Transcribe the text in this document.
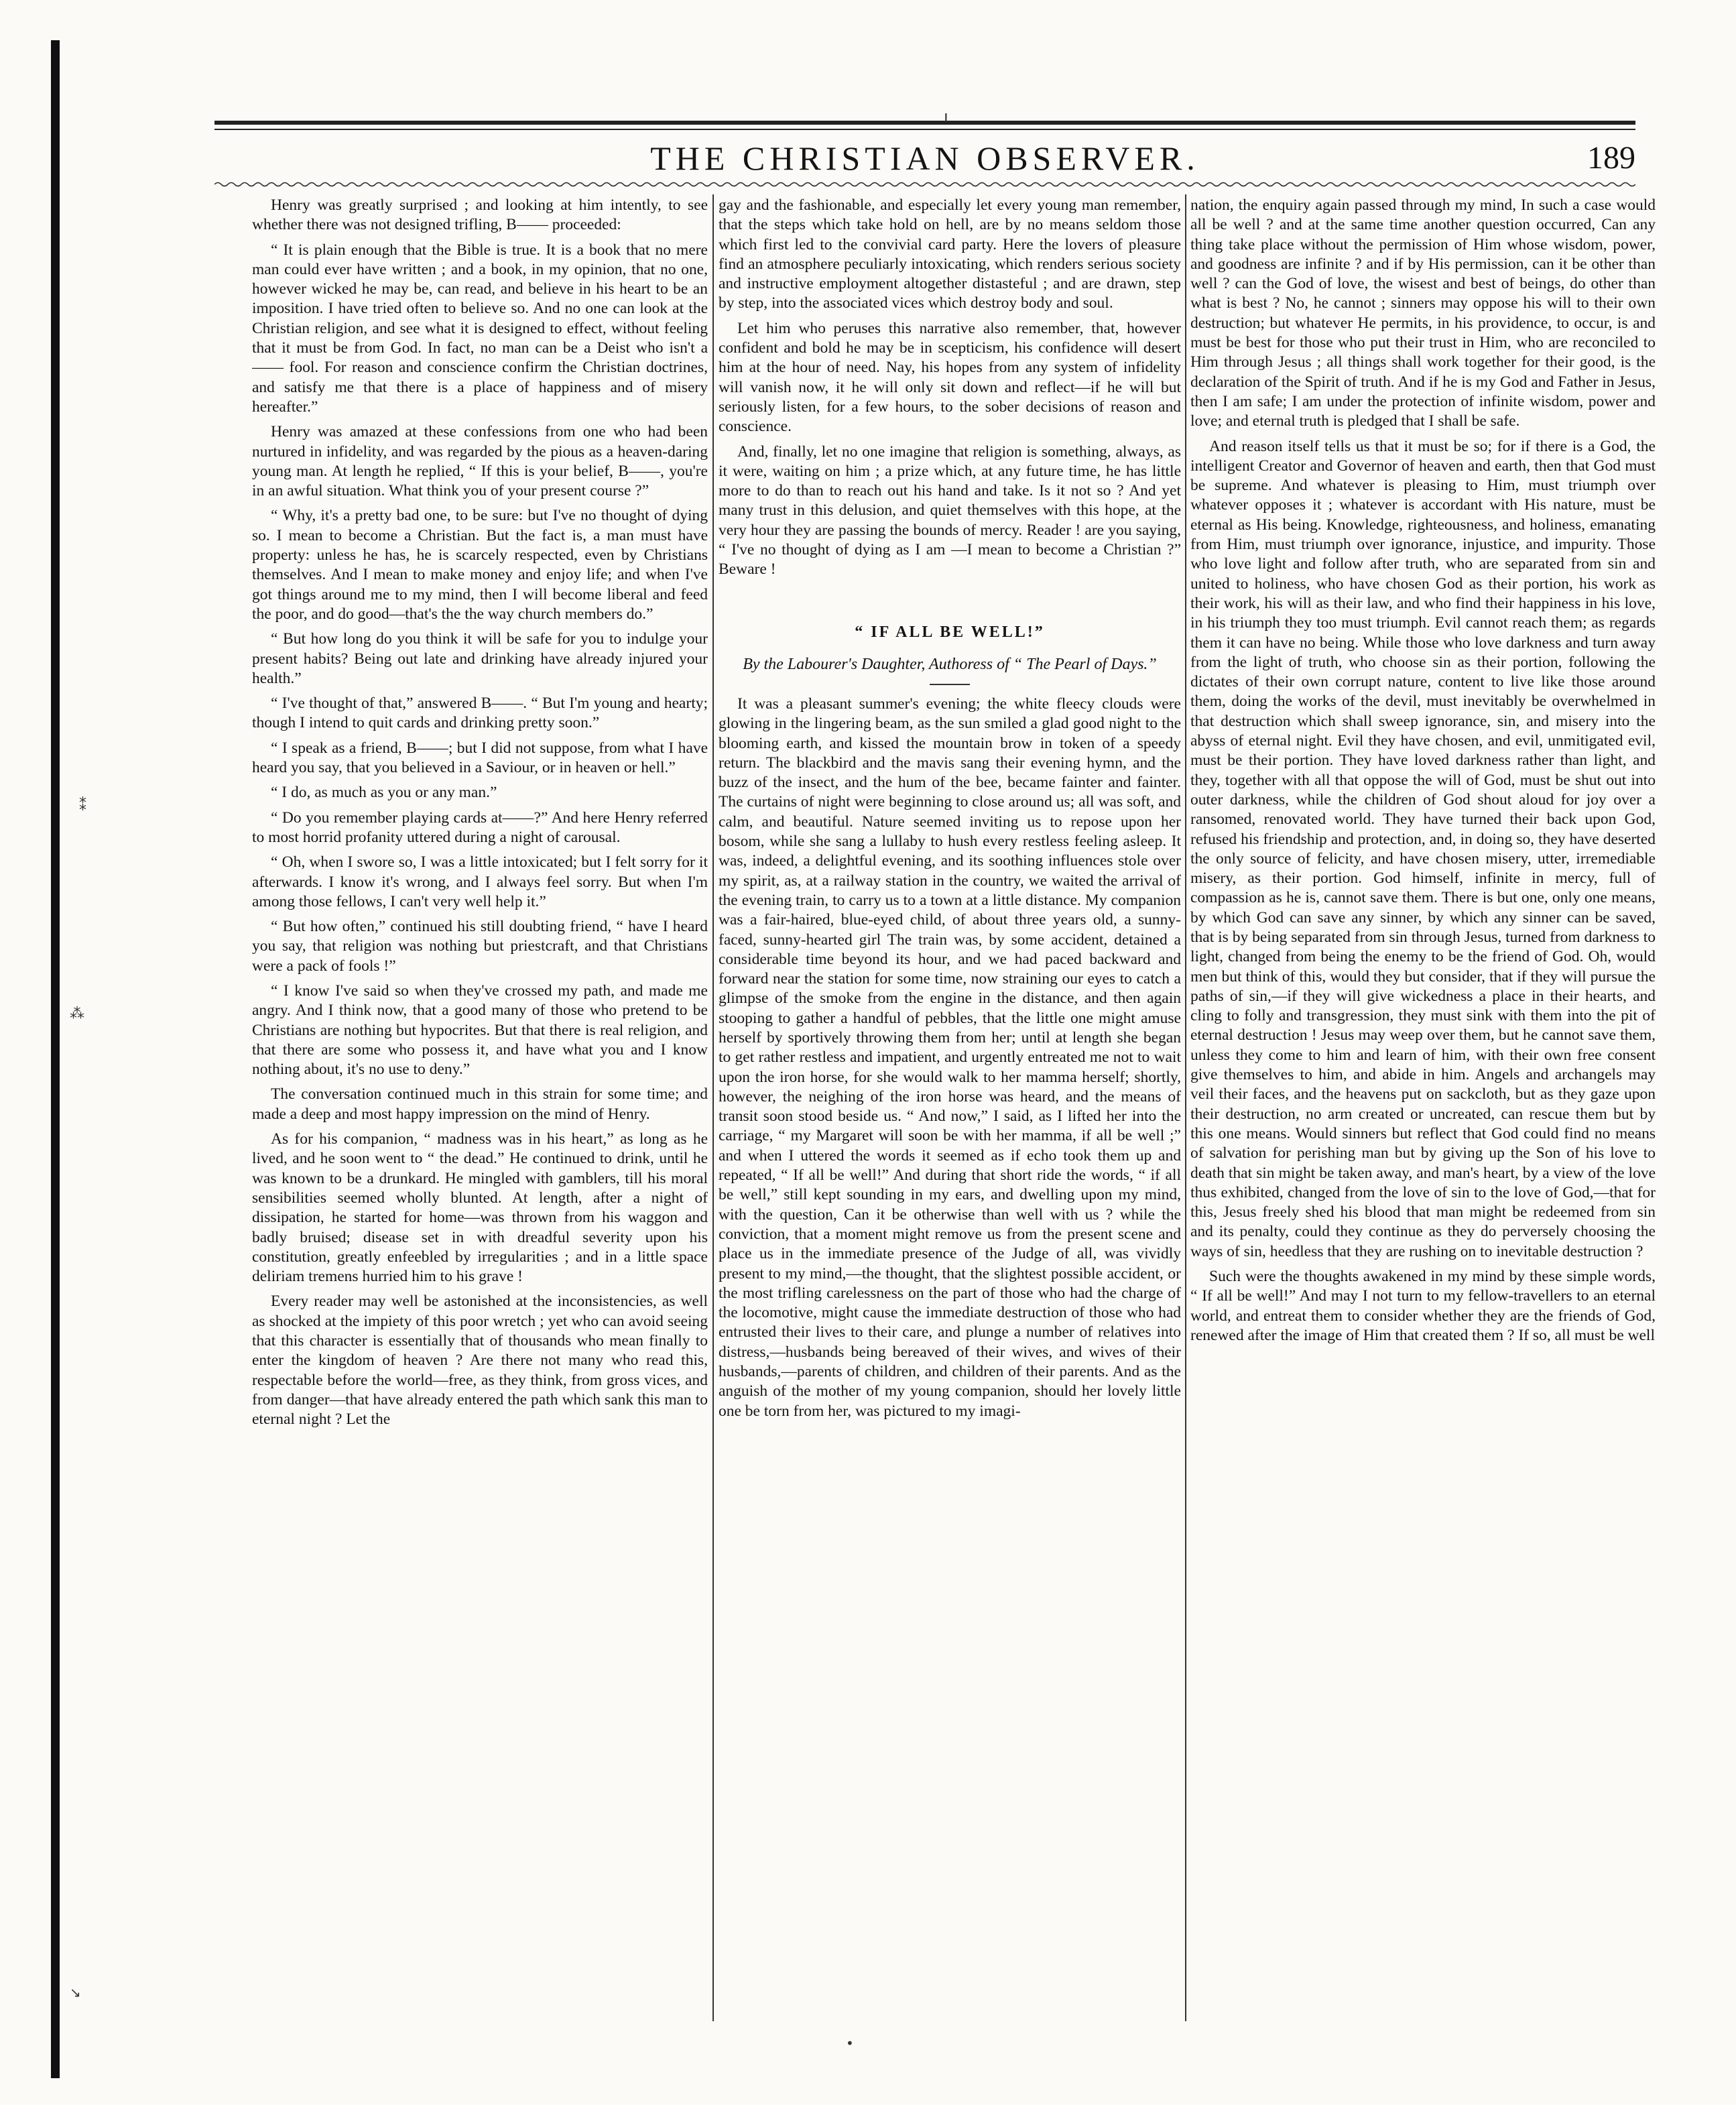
ı
THE CHRISTIAN OBSERVER.	189
⁑
⁂
↘

Henry was greatly surprised ; and looking at him intently, to see whether there was not designed trifling, B—— proceeded:

“ It is plain enough that the Bible is true. It is a book that no mere man could ever have written ; and a book, in my opinion, that no one, however wicked he may be, can read, and believe in his heart to be an imposition. I have tried often to believe so. And no one can look at the Christian religion, and see what it is designed to effect, without feeling that it must be from God. In fact, no man can be a Deist who isn't a —— fool. For reason and conscience confirm the Christian doctrines, and satisfy me that there is a place of happiness and of misery hereafter.”

Henry was amazed at these confessions from one who had been nurtured in infidelity, and was regarded by the pious as a heaven-daring young man. At length he replied, “ If this is your belief, B——, you're in an awful situation. What think you of your present course ?”

“ Why, it's a pretty bad one, to be sure: but I've no thought of dying so. I mean to become a Christian. But the fact is, a man must have property: unless he has, he is scarcely respected, even by Christians themselves. And I mean to make money and enjoy life; and when I've got things around me to my mind, then I will become liberal and feed the poor, and do good—that's the the way church members do.”

“ But how long do you think it will be safe for you to indulge your present habits? Being out late and drinking have already injured your health.”

“ I've thought of that,” answered B——. “ But I'm young and hearty; though I intend to quit cards and drinking pretty soon.”

“ I speak as a friend, B——; but I did not suppose, from what I have heard you say, that you believed in a Saviour, or in heaven or hell.”

“ I do, as much as you or any man.”

“ Do you remember playing cards at——?” And here Henry referred to most horrid profanity uttered during a night of carousal.

“ Oh, when I swore so, I was a little intoxicated; but I felt sorry for it afterwards. I know it's wrong, and I always feel sorry. But when I'm among those fellows, I can't very well help it.”

“ But how often,” continued his still doubting friend, “ have I heard you say, that religion was nothing but priestcraft, and that Christians were a pack of fools !”

“ I know I've said so when they've crossed my path, and made me angry. And I think now, that a good many of those who pretend to be Christians are nothing but hypocrites. But that there is real religion, and that there are some who possess it, and have what you and I know nothing about, it's no use to deny.”

The conversation continued much in this strain for some time; and made a deep and most happy impression on the mind of Henry.

As for his companion, “ madness was in his heart,” as long as he lived, and he soon went to “ the dead.” He continued to drink, until he was known to be a drunkard. He mingled with gamblers, till his moral sensibilities seemed wholly blunted. At length, after a night of dissipation, he started for home—was thrown from his waggon and badly bruised; disease set in with dreadful severity upon his constitution, greatly enfeebled by irregularities ; and in a little space deliriam tremens hurried him to his grave !

Every reader may well be astonished at the inconsistencies, as well as shocked at the impiety of this poor wretch ; yet who can avoid seeing that this character is essentially that of thousands who mean finally to enter the kingdom of heaven ? Are there not many who read this, respectable before the world—free, as they think, from gross vices, and from danger—that have already entered the path which sank this man to eternal night ? Let the

gay and the fashionable, and especially let every young man remember, that the steps which take hold on hell, are by no means seldom those which first led to the convivial card party. Here the lovers of pleasure find an atmosphere peculiarly intoxicating, which renders serious society and instructive employment altogether distasteful ; and are drawn, step by step, into the associated vices which destroy body and soul.

Let him who peruses this narrative also remember, that, however confident and bold he may be in scepticism, his confidence will desert him at the hour of need. Nay, his hopes from any system of infidelity will vanish now, it he will only sit down and reflect—if he will but seriously listen, for a few hours, to the sober decisions of reason and conscience.

And, finally, let no one imagine that religion is something, always, as it were, waiting on him ; a prize which, at any future time, he has little more to do than to reach out his hand and take. Is it not so ? And yet many trust in this delusion, and quiet themselves with this hope, at the very hour they are passing the bounds of mercy. Reader ! are you saying, “ I've no thought of dying as I am —I mean to become a Christian ?” Beware !

“ IF ALL BE WELL!”
By the Labourer's Daughter, Authoress of “ The Pearl of Days.”

It was a pleasant summer's evening; the white fleecy clouds were glowing in the lingering beam, as the sun smiled a glad good night to the blooming earth, and kissed the mountain brow in token of a speedy return. The blackbird and the mavis sang their evening hymn, and the buzz of the insect, and the hum of the bee, became fainter and fainter. The curtains of night were beginning to close around us; all was soft, and calm, and beautiful. Nature seemed inviting us to repose upon her bosom, while she sang a lullaby to hush every restless feeling asleep. It was, indeed, a delightful evening, and its soothing influences stole over my spirit, as, at a railway station in the country, we waited the arrival of the evening train, to carry us to a town at a little distance. My companion was a fair-haired, blue-eyed child, of about three years old, a sunny-faced, sunny-hearted girl The train was, by some accident, detained a considerable time beyond its hour, and we had paced backward and forward near the station for some time, now straining our eyes to catch a glimpse of the smoke from the engine in the distance, and then again stooping to gather a handful of pebbles, that the little one might amuse herself by sportively throwing them from her; until at length she began to get rather restless and impatient, and urgently entreated me not to wait upon the iron horse, for she would walk to her mamma herself; shortly, however, the neighing of the iron horse was heard, and the means of transit soon stood beside us. “ And now,” I said, as I lifted her into the carriage, “ my Margaret will soon be with her mamma, if all be well ;” and when I uttered the words it seemed as if echo took them up and repeated, “ If all be well!” And during that short ride the words, “ if all be well,” still kept sounding in my ears, and dwelling upon my mind, with the question, Can it be otherwise than well with us ? while the conviction, that a moment might remove us from the present scene and place us in the immediate presence of the Judge of all, was vividly present to my mind,—the thought, that the slightest possible accident, or the most trifling carelessness on the part of those who had the charge of the locomotive, might cause the immediate destruction of those who had entrusted their lives to their care, and plunge a number of relatives into distress,—husbands being bereaved of their wives, and wives of their husbands,—parents of children, and children of their parents. And as the anguish of the mother of my young companion, should her lovely little one be torn from her, was pictured to my imagi-

nation, the enquiry again passed through my mind, In such a case would all be well ? and at the same time another question occurred, Can any thing take place without the permission of Him whose wisdom, power, and goodness are infinite ? and if by His permission, can it be other than well ? can the God of love, the wisest and best of beings, do other than what is best ? No, he cannot ; sinners may oppose his will to their own destruction; but whatever He permits, in his providence, to occur, is and must be best for those who put their trust in Him, who are reconciled to Him through Jesus ; all things shall work together for their good, is the declaration of the Spirit of truth. And if he is my God and Father in Jesus, then I am safe; I am under the protection of infinite wisdom, power and love; and eternal truth is pledged that I shall be safe.

And reason itself tells us that it must be so; for if there is a God, the intelligent Creator and Governor of heaven and earth, then that God must be supreme. And whatever is pleasing to Him, must triumph over whatever opposes it ; whatever is accordant with His nature, must be eternal as His being. Knowledge, righteousness, and holiness, emanating from Him, must triumph over ignorance, injustice, and impurity. Those who love light and follow after truth, who are separated from sin and united to holiness, who have chosen God as their portion, his work as their work, his will as their law, and who find their happiness in his love, in his triumph they too must triumph. Evil cannot reach them; as regards them it can have no being. While those who love darkness and turn away from the light of truth, who choose sin as their portion, following the dictates of their own corrupt nature, content to live like those around them, doing the works of the devil, must inevitably be overwhelmed in that destruction which shall sweep ignorance, sin, and misery into the abyss of eternal night. Evil they have chosen, and evil, unmitigated evil, must be their portion. They have loved darkness rather than light, and they, together with all that oppose the will of God, must be shut out into outer darkness, while the children of God shout aloud for joy over a ransomed, renovated world. They have turned their back upon God, refused his friendship and protection, and, in doing so, they have deserted the only source of felicity, and have chosen misery, utter, irremediable misery, as their portion. God himself, infinite in mercy, full of compassion as he is, cannot save them. There is but one, only one means, by which God can save any sinner, by which any sinner can be saved, that is by being separated from sin through Jesus, turned from darkness to light, changed from being the enemy to be the friend of God. Oh, would men but think of this, would they but consider, that if they will pursue the paths of sin,—if they will give wickedness a place in their hearts, and cling to folly and transgression, they must sink with them into the pit of eternal destruction ! Jesus may weep over them, but he cannot save them, unless they come to him and learn of him, with their own free consent give themselves to him, and abide in him. Angels and archangels may veil their faces, and the heavens put on sackcloth, but as they gaze upon their destruction, no arm created or uncreated, can rescue them but by this one means. Would sinners but reflect that God could find no means of salvation for perishing man but by giving up the Son of his love to death that sin might be taken away, and man's heart, by a view of the love thus exhibited, changed from the love of sin to the love of God,—that for this, Jesus freely shed his blood that man might be redeemed from sin and its penalty, could they continue as they do perversely choosing the ways of sin, heedless that they are rushing on to inevitable destruction ?

Such were the thoughts awakened in my mind by these simple words, “ If all be well!” And may I not turn to my fellow-travellers to an eternal world, and entreat them to consider whether they are the friends of God, renewed after the image of Him that created them ? If so, all must be well

•
